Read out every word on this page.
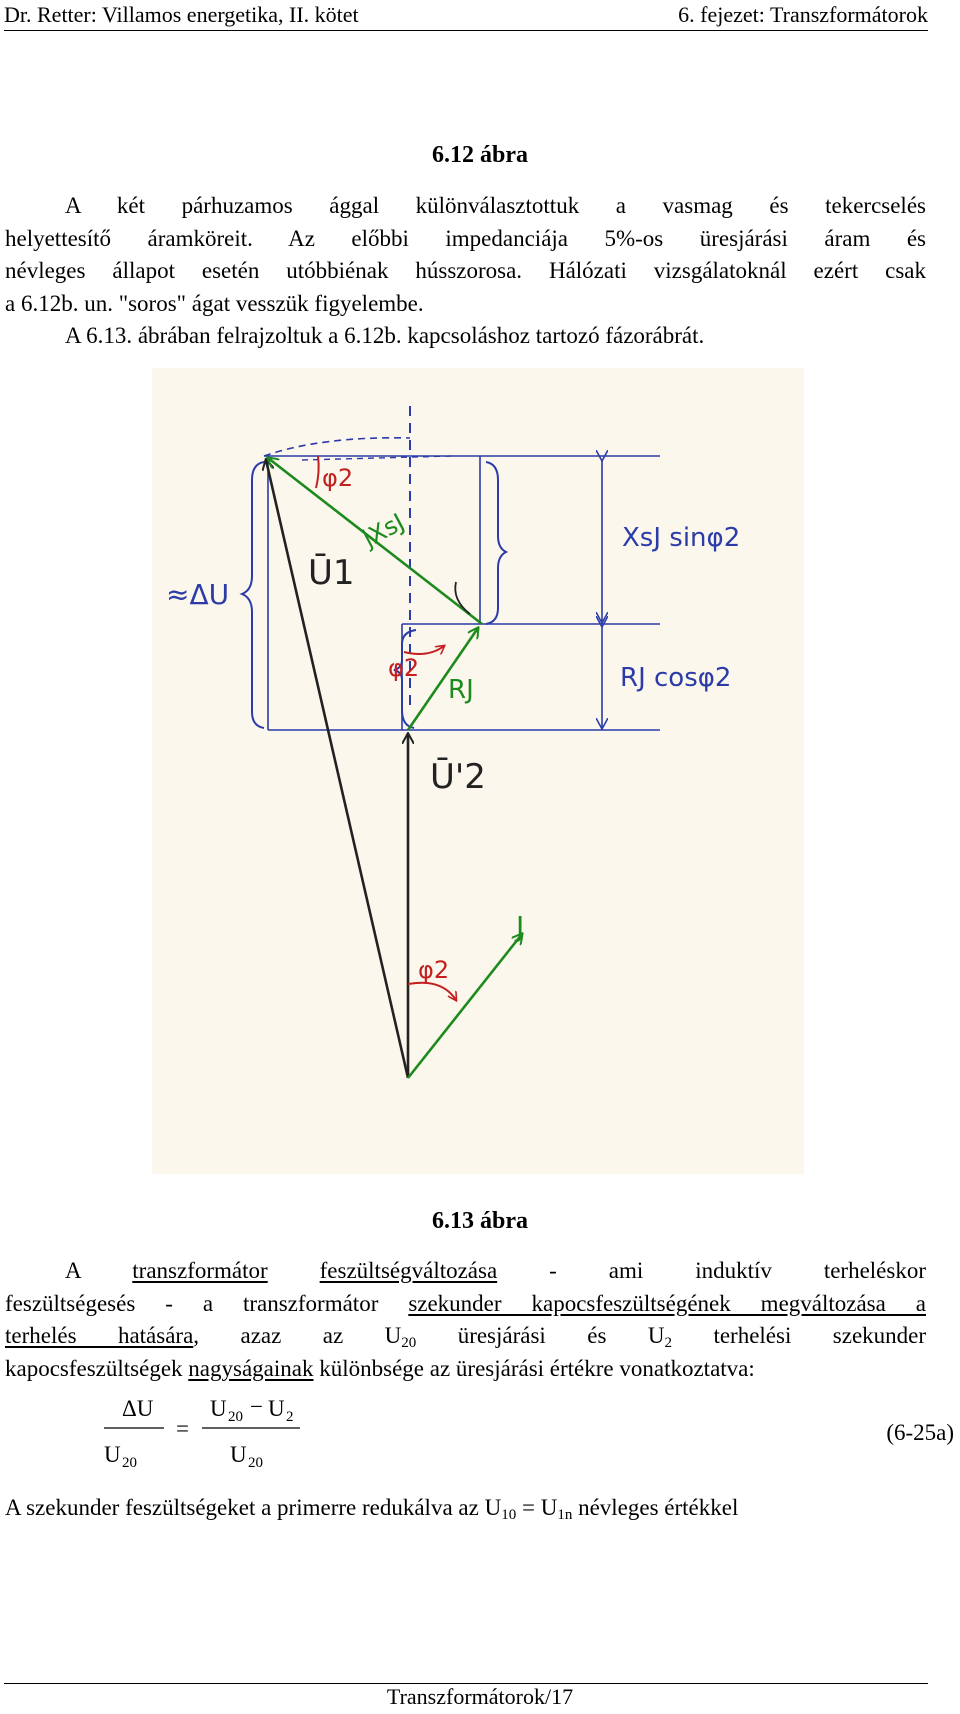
Dr. Retter: Villamos energetika, II. kötet	6. fejezet: Transzformátorok
6.12 ábra

A két párhuzamos ággal különválasztottuk a vasmag és tekercselés

helyettesítő áramköreit. Az előbbi impedanciája 5%-os üresjárási áram és

névleges állapot esetén utóbbiénak hússzorosa. Hálózati vizsgálatoknál ezért csak

a 6.12b. un. "soros" ágat vesszük figyelembe.

A 6.13. ábrában felrajzoltuk a 6.12b. kapcsoláshoz tartozó fázorábrát.

φ2
jXsJ
Ū1
≈ΔU
XsJ sinφ2
φ2
RJ	RJ cosφ2
Ū'2
J
φ2
6.13 ábra

A transzformátor feszültségváltozása - ami induktív terheléskor

feszültségesés - a transzformátor szekunder kapocsfeszültségének megváltozása a

terhelés hatására, azaz az $U_{20}$ üresjárási és $U_2$ terhelési szekunder

kapocsfeszültségek nagyságainak különbsége az üresjárási értékre vonatkoztatva:

ΔU
U 20
=
U 20 − U 2
U 20
(6-25a)

A szekunder feszültségeket a primerre redukálva az $U_{10} = U_{1n}$ névleges értékkel

Transzformátorok/17
